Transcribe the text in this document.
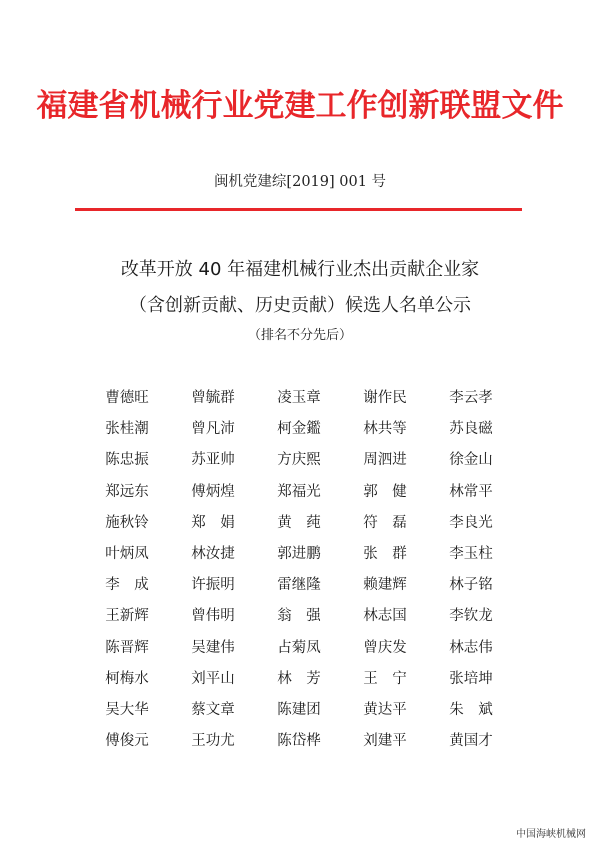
福建省机械行业党建工作创新联盟文件
闽机党建综[2019] 001 号
改革开放 40 年福建机械行业杰出贡献企业家
（含创新贡献、历史贡献）候选人名单公示
（排名不分先后）
曹德旺	曾毓群	凌玉章	谢作民	李云孝
张桂潮	曾凡沛	柯金鑑	林共等	苏良磁
陈忠振	苏亚帅	方庆熙	周泗进	徐金山
郑远东	傅炳煌	郑福光	郭　健	林常平
施秋铃	郑　娟	黄　莼	符　磊	李良光
叶炳凤	林汝捷	郭进鹏	张　群	李玉柱
李　成	许振明	雷继隆	赖建辉	林子铭
王新辉	曾伟明	翁　强	林志国	李钦龙
陈晋辉	吴建伟	占菊凤	曾庆发	林志伟
柯梅水	刘平山	林　芳	王　宁	张培坤
吴大华	蔡文章	陈建团	黄达平	朱　斌
傅俊元	王功尤	陈岱桦	刘建平	黄国才
中国海峡机械网
